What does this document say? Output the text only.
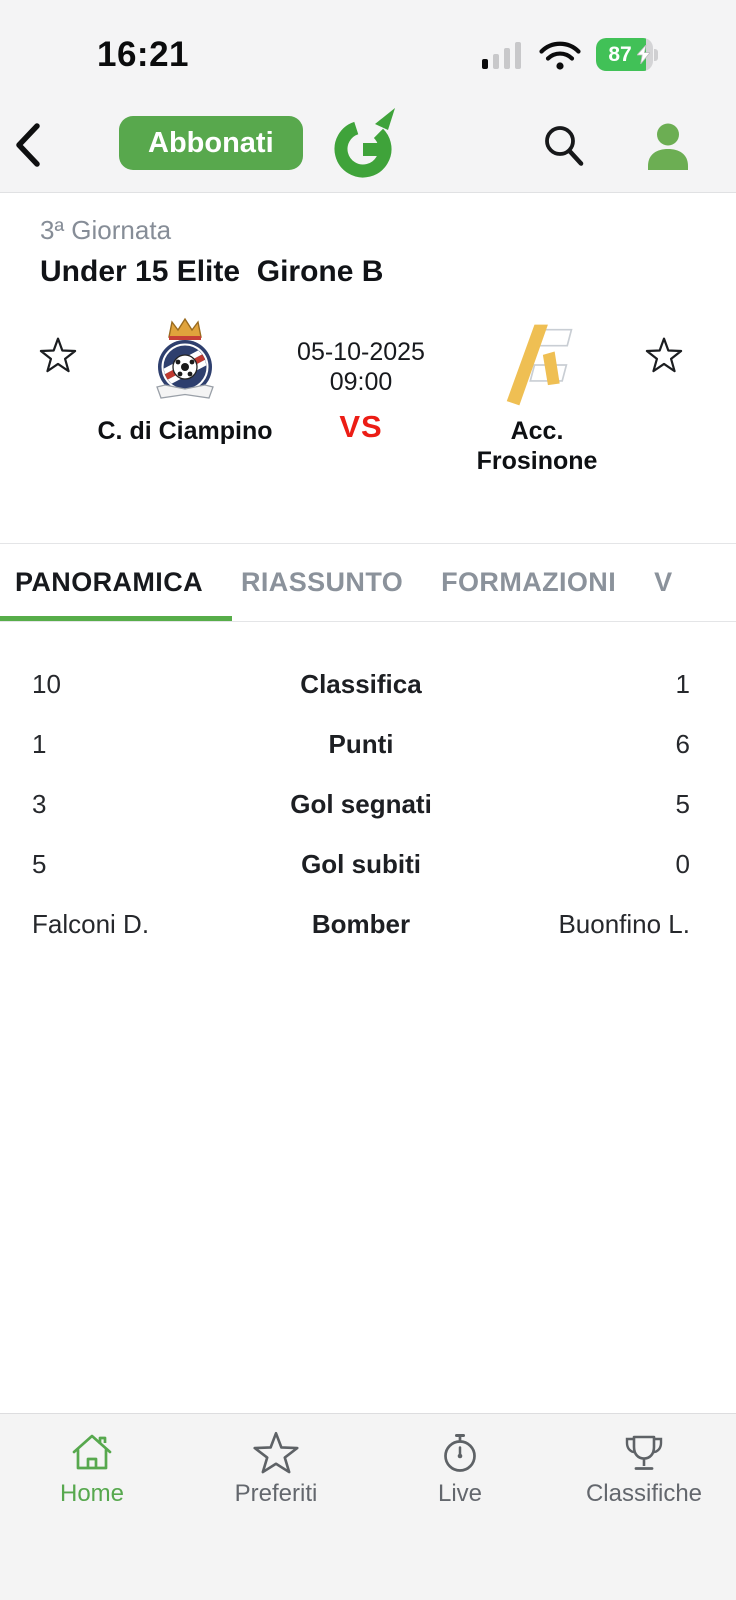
16:21	87
Abbonati
3ª Giornata
Under 15 Elite  Girone B
C. di Ciampino
05-10-2025
09:00
VS	Acc. Frosinone
PANORAMICA RIASSUNTO FORMAZIONI V
10	Classifica	1
1	Punti	6
3	Gol segnati	5
5	Gol subiti	0
Falconi D.	Bomber	Buonfino L.
Home	Preferiti	Live	Classifiche
